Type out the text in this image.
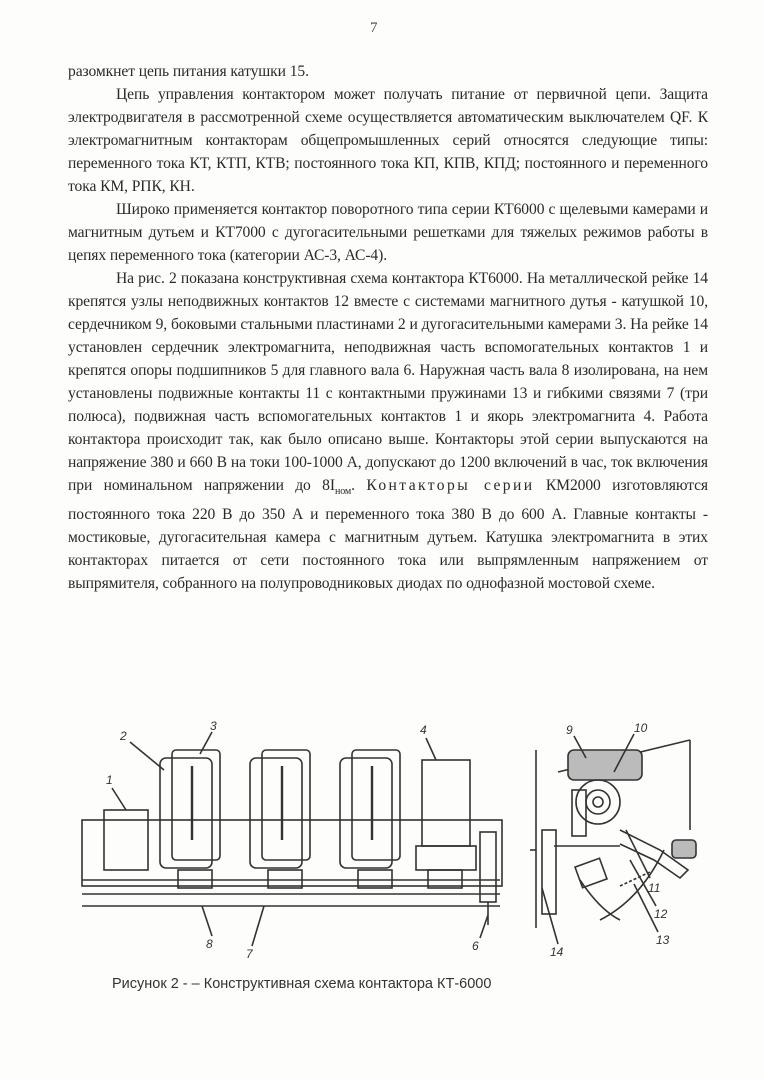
7

разомкнет цепь питания катушки 15.

Цепь управления контактором может получать питание от первичной цепи. Защита электродвигателя в рассмотренной схеме осуществляется автоматическим выключателем QF. К электромагнитным контакторам общепромышленных серий относятся следующие типы: переменного тока КТ, КТП, КТВ; постоянного тока КП, КПВ, КПД; постоянного и переменного тока КМ, РПК, КН.

Широко применяется контактор поворотного типа серии КТ6000 с щелевыми камерами и магнитным дутьем и КТ7000 с дугогасительными решетками для тяжелых режимов работы в цепях переменного тока (категории АС-3, АС-4).

На рис. 2 показана конструктивная схема контактора КТ6000. На металлической рейке 14 крепятся узлы неподвижных контактов 12 вместе с системами магнитного дутья - катушкой 10, сердечником 9, боковыми стальными пластинами 2 и дугогасительными камерами 3. На рейке 14 установлен сердечник электромагнита, неподвижная часть вспомогательных контактов 1 и крепятся опоры подшипников 5 для главного вала 6. Наружная часть вала 8 изолирована, на нем установлены подвижные контакты 11 с контактными пружинами 13 и гибкими связями 7 (три полюса), подвижная часть вспомогательных контактов 1 и якорь электромагнита 4. Работа контактора происходит так, как было описано выше. Контакторы этой серии выпускаются на напряжение 380 и 660 В на токи 100-1000 А, допускают до 1200 включений в час, ток включения при номинальном напряжении до $8I_{ном}$. Контакторы серии КМ2000 изготовляются постоянного тока 220 В до 350 А и переменного тока 380 В до 600 А. Главные контакты - мостиковые, дугогасительная камера с магнитным дутьем. Катушка электромагнита в этих контакторах питается от сети постоянного тока или выпрямленным напряжением от выпрямителя, собранного на полупроводниковых диодах по однофазной мостовой схеме.

1
2
3	4
6
7
8
9	10
11
12
13
14
Рисунок 2 - – Конструктивная схема контактора КТ-6000
